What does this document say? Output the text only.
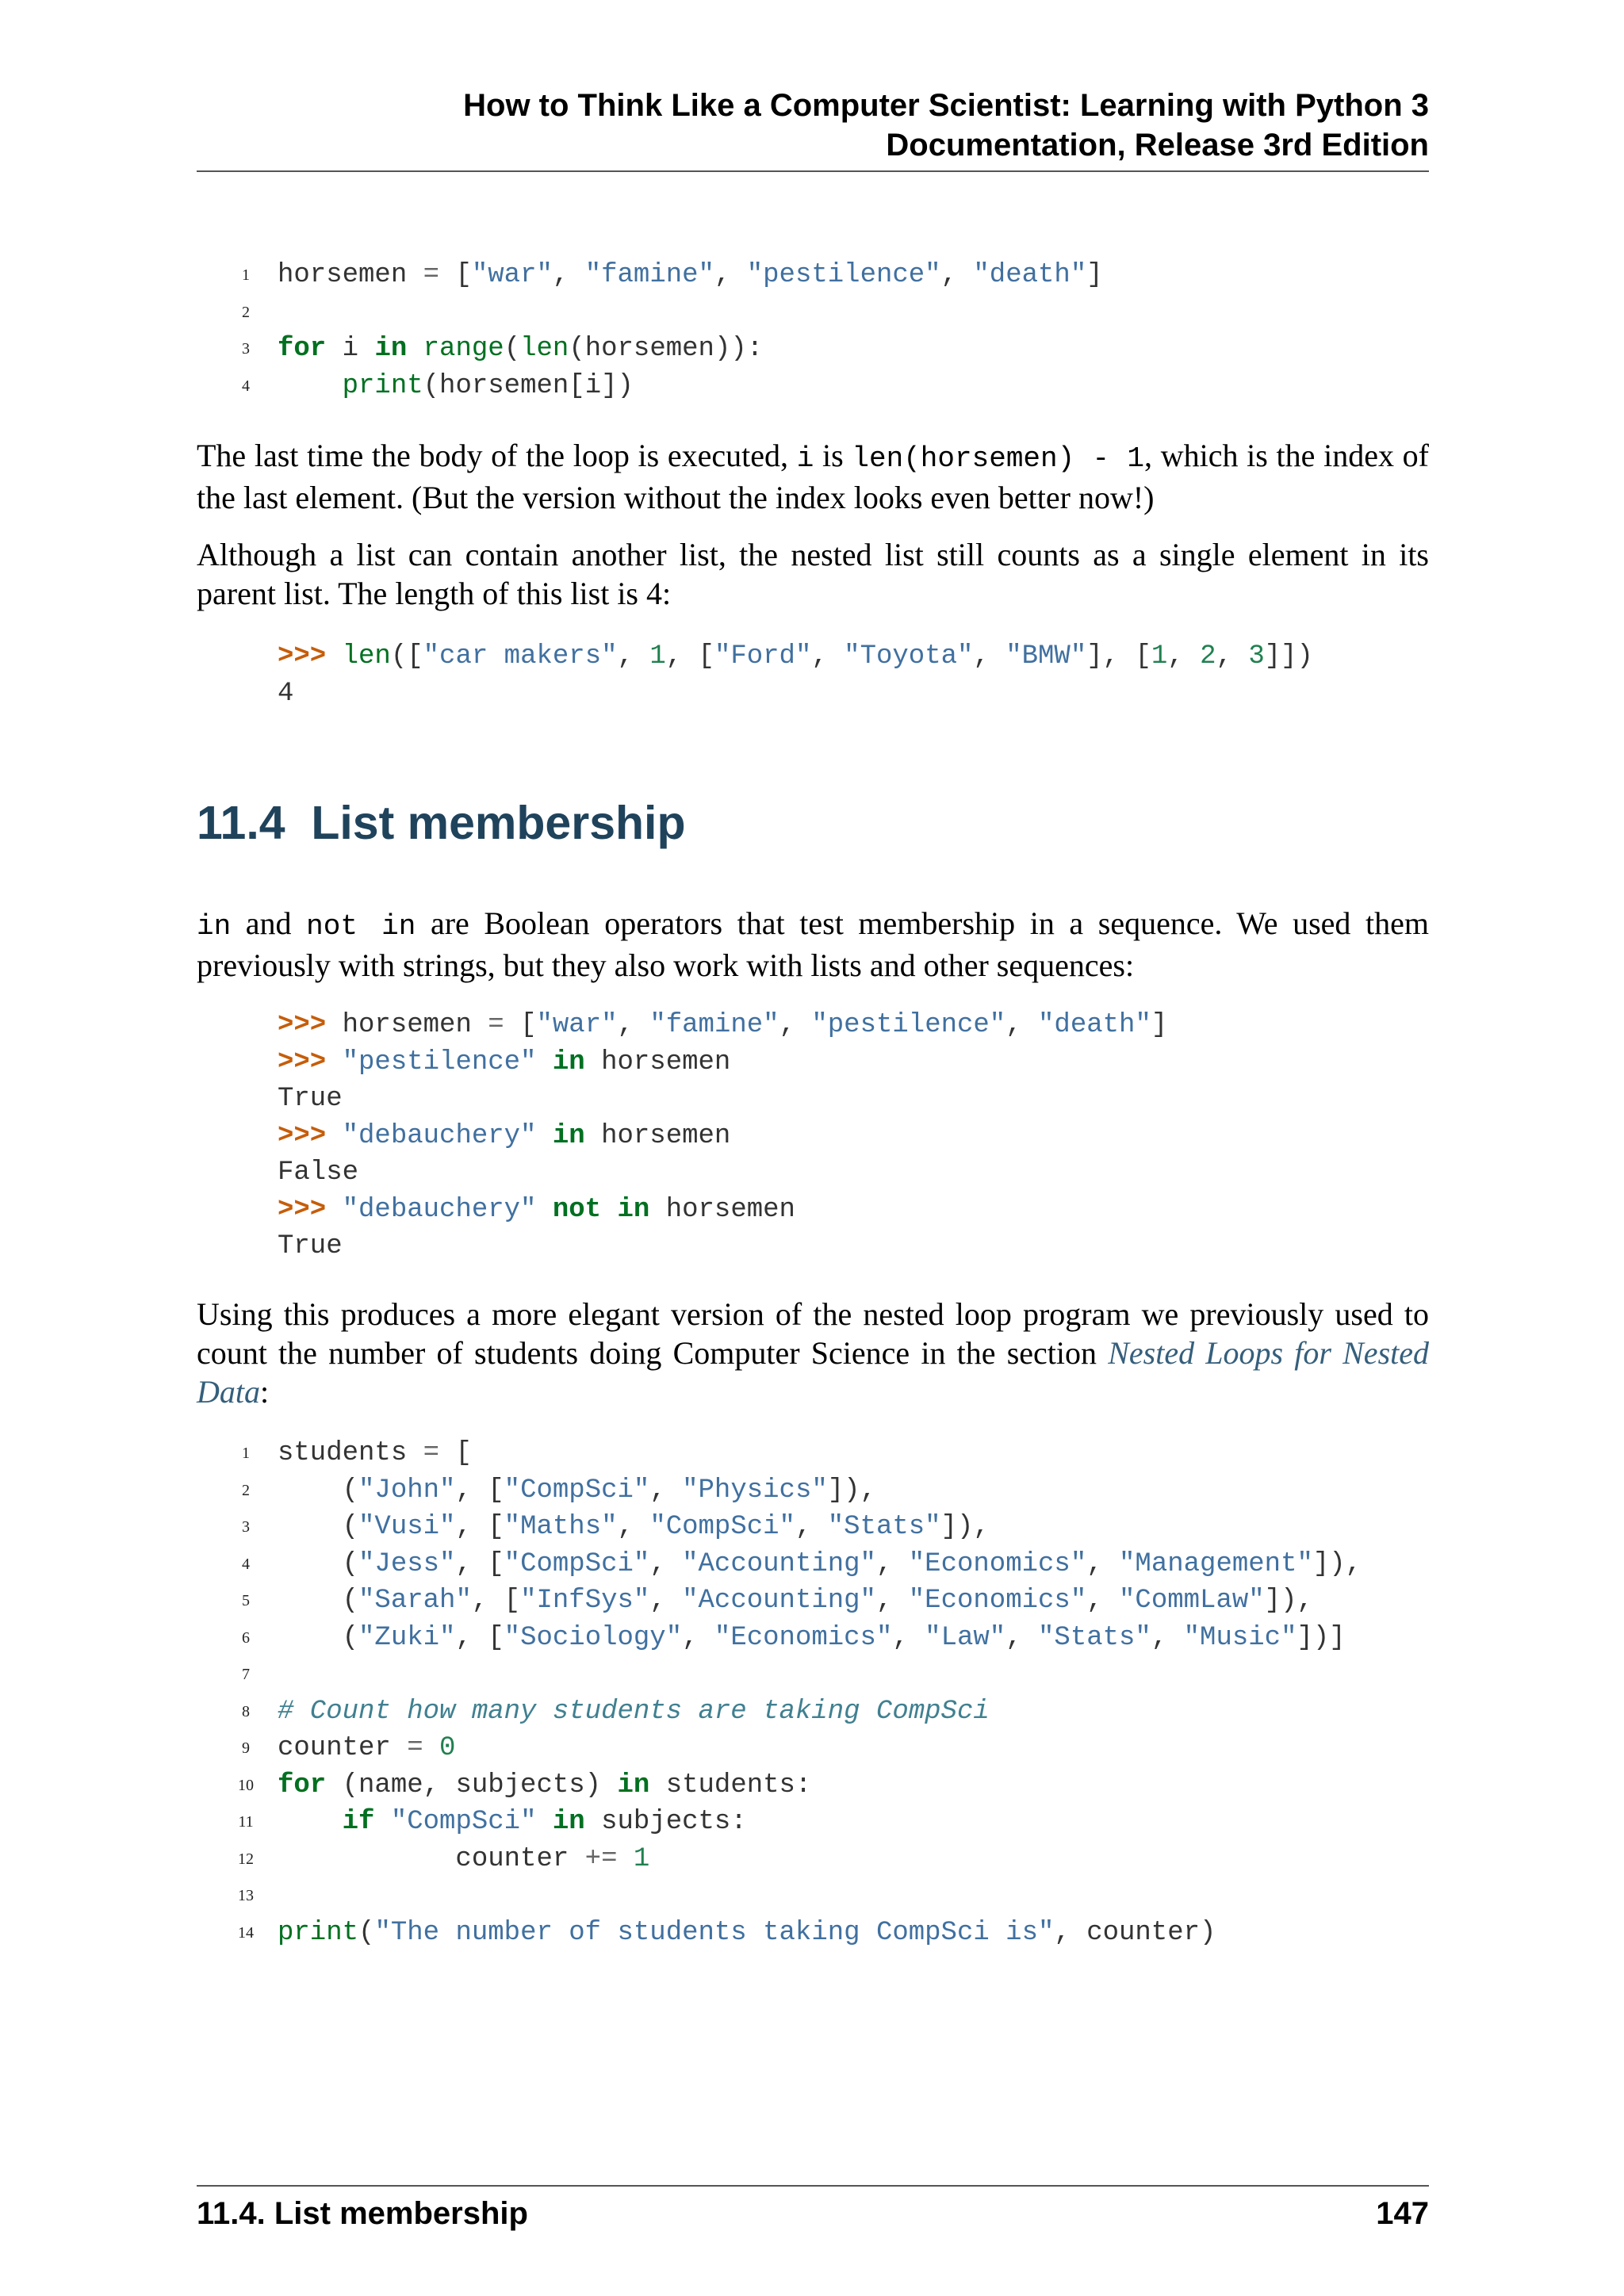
How to Think Like a Computer Scientist: Learning with Python 3
Documentation, Release 3rd Edition
1 horsemen = ["war", "famine", "pestilence", "death"]
2
3 for i in range(len(horsemen)):
4	print(horsemen[i])

The last time the body of the loop is executed, i is len(horsemen) - 1, which is the index of the last element. (But the version without the index looks even better now!)

Although a list can contain another list, the nested list still counts as a single element in its parent list. The length of this list is 4:

>>> len(["car makers", 1, ["Ford", "Toyota", "BMW"], [1, 2, 3]])
4
11.4 List membership

in and not in are Boolean operators that test membership in a sequence. We used them previously with strings, but they also work with lists and other sequences:

>>> horsemen = ["war", "famine", "pestilence", "death"]
>>> "pestilence" in horsemen
True
>>> "debauchery" in horsemen
False
>>> "debauchery" not in horsemen
True

Using this produces a more elegant version of the nested loop program we previously used to count the number of students doing Computer Science in the section Nested Loops for Nested Data:

1 students = [
2 ("John", ["CompSci", "Physics"]),
3 ("Vusi", ["Maths", "CompSci", "Stats"]),
4 ("Jess", ["CompSci", "Accounting", "Economics", "Management"]),
5 ("Sarah", ["InfSys", "Accounting", "Economics", "CommLaw"]),
6 ("Zuki", ["Sociology", "Economics", "Law", "Stats", "Music"])]
7
8 # Count how many students are taking CompSci
9 counter = 0
10 for (name, subjects) in students:
11	if "CompSci" in subjects:
12 counter += 1
13
14 print("The number of students taking CompSci is", counter)
11.4. List membership	147
